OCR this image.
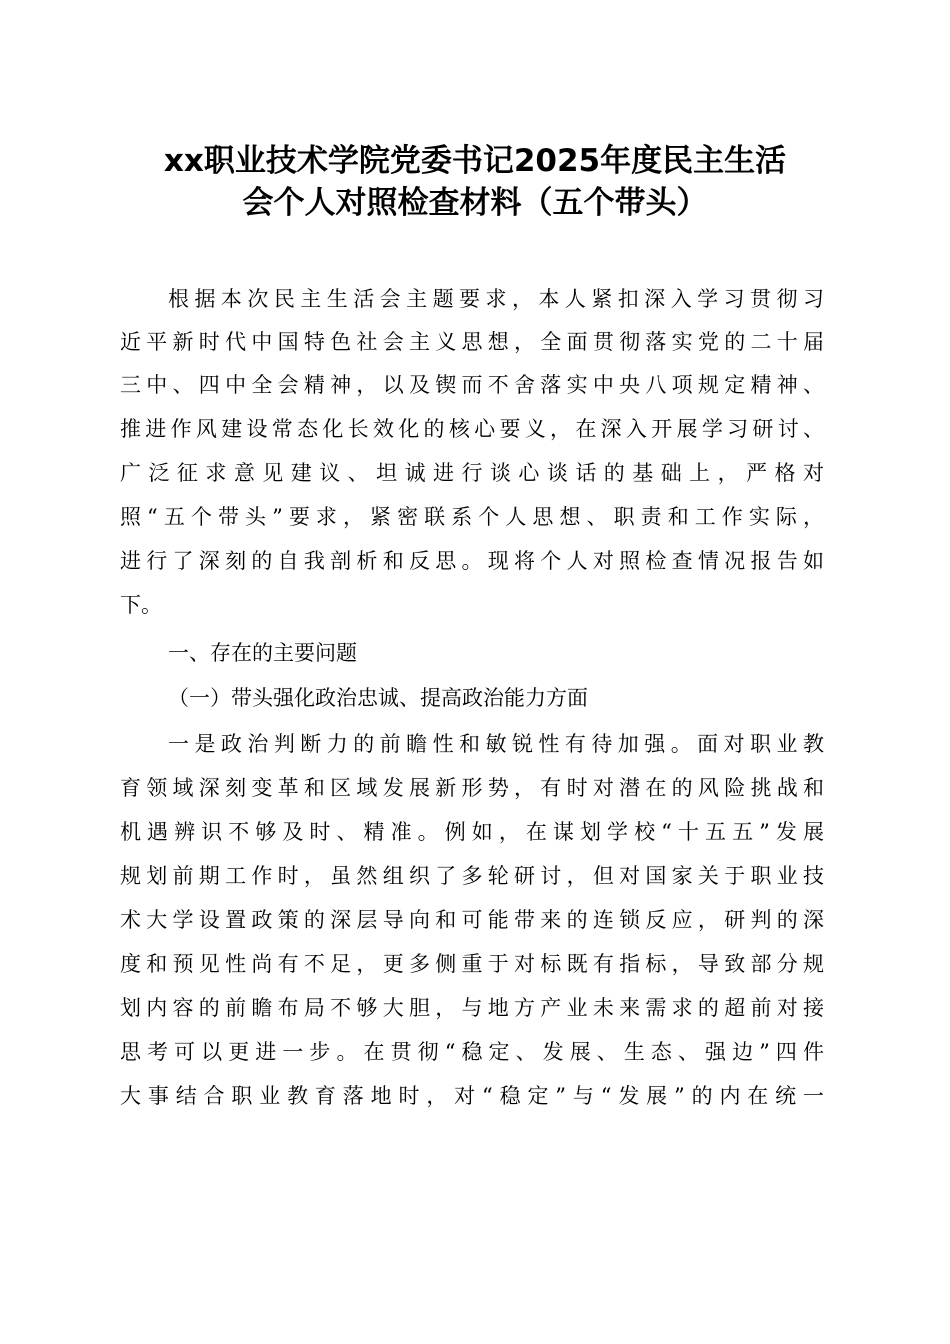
xx职业技术学院党委书记2025年度民主生活
会个人对照检查材料（五个带头）
根据本次民主生活会主题要求，本人紧扣深入学习贯彻习
近平新时代中国特色社会主义思想，全面贯彻落实党的二十届
三中、四中全会精神，以及锲而不舍落实中央八项规定精神、
推进作风建设常态化长效化的核心要义，在深入开展学习研讨、
广泛征求意见建议、坦诚进行谈心谈话的基础上，严格对
照“五个带头”要求，紧密联系个人思想、职责和工作实际，
进行了深刻的自我剖析和反思。现将个人对照检查情况报告如
下。
一、存在的主要问题
（一）带头强化政治忠诚、提高政治能力方面
一是政治判断力的前瞻性和敏锐性有待加强。面对职业教
育领域深刻变革和区域发展新形势，有时对潜在的风险挑战和
机遇辨识不够及时、精准。例如，在谋划学校“十五五”发展
规划前期工作时，虽然组织了多轮研讨，但对国家关于职业技
术大学设置政策的深层导向和可能带来的连锁反应，研判的深
度和预见性尚有不足，更多侧重于对标既有指标，导致部分规
划内容的前瞻布局不够大胆，与地方产业未来需求的超前对接
思考可以更进一步。在贯彻“稳定、发展、生态、强边”四件
大事结合职业教育落地时，对“稳定”与“发展”的内在统一
